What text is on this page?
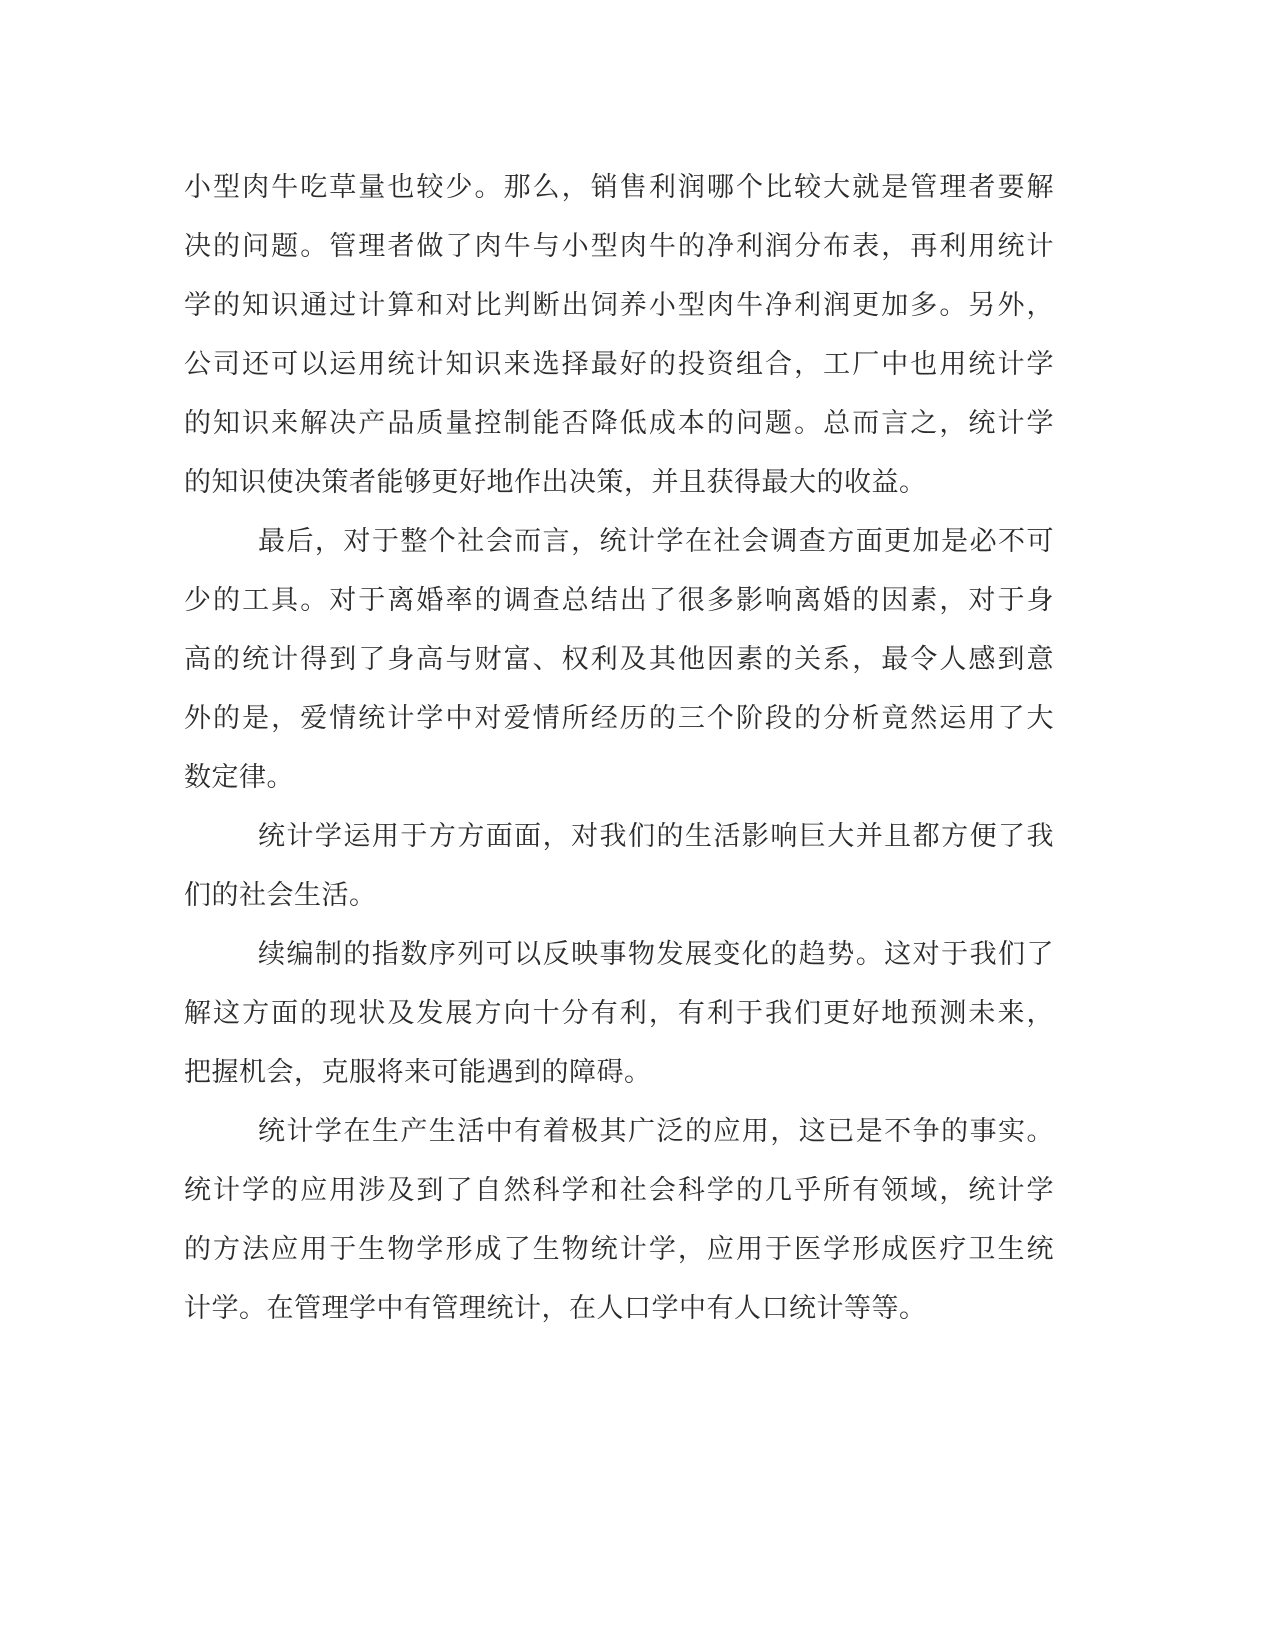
小型肉牛吃草量也较少。那么，销售利润哪个比较大就是管理者要解
决的问题。管理者做了肉牛与小型肉牛的净利润分布表，再利用统计
学的知识通过计算和对比判断出饲养小型肉牛净利润更加多。另外，
公司还可以运用统计知识来选择最好的投资组合，工厂中也用统计学
的知识来解决产品质量控制能否降低成本的问题。总而言之，统计学
的知识使决策者能够更好地作出决策，并且获得最大的收益。
最后，对于整个社会而言，统计学在社会调查方面更加是必不可
少的工具。对于离婚率的调查总结出了很多影响离婚的因素，对于身
高的统计得到了身高与财富、权利及其他因素的关系，最令人感到意
外的是，爱情统计学中对爱情所经历的三个阶段的分析竟然运用了大
数定律。
统计学运用于方方面面，对我们的生活影响巨大并且都方便了我
们的社会生活。
续编制的指数序列可以反映事物发展变化的趋势。这对于我们了
解这方面的现状及发展方向十分有利，有利于我们更好地预测未来，
把握机会，克服将来可能遇到的障碍。
统计学在生产生活中有着极其广泛的应用，这已是不争的事实。
统计学的应用涉及到了自然科学和社会科学的几乎所有领域，统计学
的方法应用于生物学形成了生物统计学，应用于医学形成医疗卫生统
计学。在管理学中有管理统计，在人口学中有人口统计等等。
